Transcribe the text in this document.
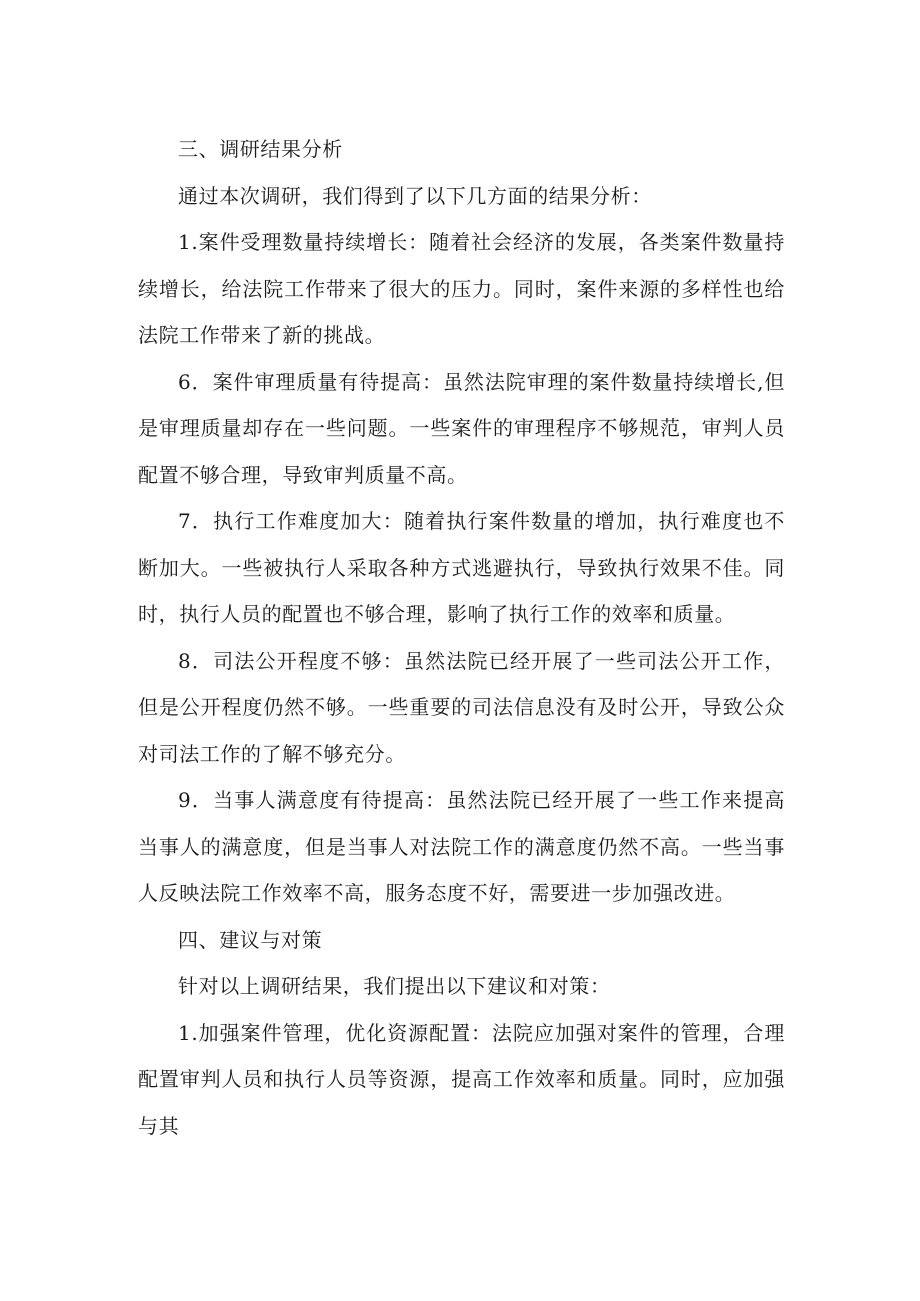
三、调研结果分析

通过本次调研，我们得到了以下几方面的结果分析：

1.案件受理数量持续增长：随着社会经济的发展，各类案件数量持续增长，给法院工作带来了很大的压力。同时，案件来源的多样性也给法院工作带来了新的挑战。

6．案件审理质量有待提高：虽然法院审理的案件数量持续增长,但是审理质量却存在一些问题。一些案件的审理程序不够规范，审判人员配置不够合理，导致审判质量不高。

7．执行工作难度加大：随着执行案件数量的增加，执行难度也不断加大。一些被执行人采取各种方式逃避执行，导致执行效果不佳。同时，执行人员的配置也不够合理，影响了执行工作的效率和质量。

8．司法公开程度不够：虽然法院已经开展了一些司法公开工作，但是公开程度仍然不够。一些重要的司法信息没有及时公开，导致公众对司法工作的了解不够充分。

9．当事人满意度有待提高：虽然法院已经开展了一些工作来提高当事人的满意度，但是当事人对法院工作的满意度仍然不高。一些当事人反映法院工作效率不高，服务态度不好，需要进一步加强改进。

四、建议与对策

针对以上调研结果，我们提出以下建议和对策：

1.加强案件管理，优化资源配置：法院应加强对案件的管理，合理配置审判人员和执行人员等资源，提高工作效率和质量。同时，应加强与其
